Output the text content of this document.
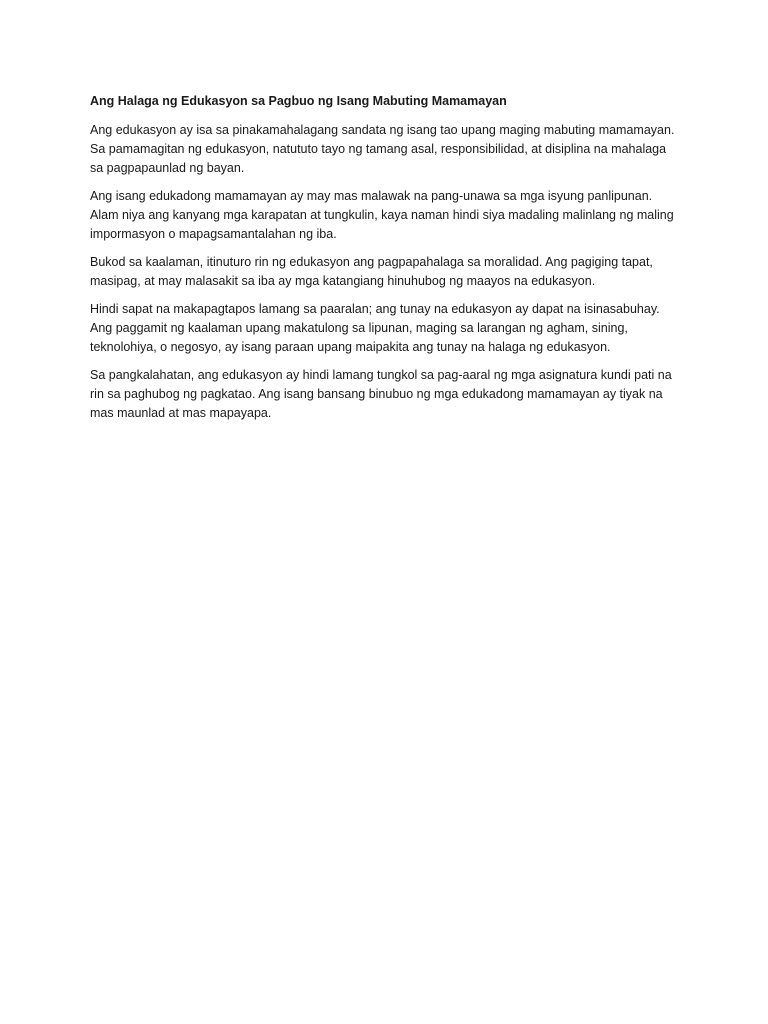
Ang Halaga ng Edukasyon sa Pagbuo ng Isang Mabuting Mamamayan
Ang edukasyon ay isa sa pinakamahalagang sandata ng isang tao upang maging mabuting mamamayan.
Sa pamamagitan ng edukasyon, natututo tayo ng tamang asal, responsibilidad, at disiplina na mahalaga
sa pagpapaunlad ng bayan.
Ang isang edukadong mamamayan ay may mas malawak na pang-unawa sa mga isyung panlipunan.
Alam niya ang kanyang mga karapatan at tungkulin, kaya naman hindi siya madaling malinlang ng maling
impormasyon o mapagsamantalahan ng iba.
Bukod sa kaalaman, itinuturo rin ng edukasyon ang pagpapahalaga sa moralidad. Ang pagiging tapat,
masipag, at may malasakit sa iba ay mga katangiang hinuhubog ng maayos na edukasyon.
Hindi sapat na makapagtapos lamang sa paaralan; ang tunay na edukasyon ay dapat na isinasabuhay.
Ang paggamit ng kaalaman upang makatulong sa lipunan, maging sa larangan ng agham, sining,
teknolohiya, o negosyo, ay isang paraan upang maipakita ang tunay na halaga ng edukasyon.
Sa pangkalahatan, ang edukasyon ay hindi lamang tungkol sa pag-aaral ng mga asignatura kundi pati na
rin sa paghubog ng pagkatao. Ang isang bansang binubuo ng mga edukadong mamamayan ay tiyak na
mas maunlad at mas mapayapa.
